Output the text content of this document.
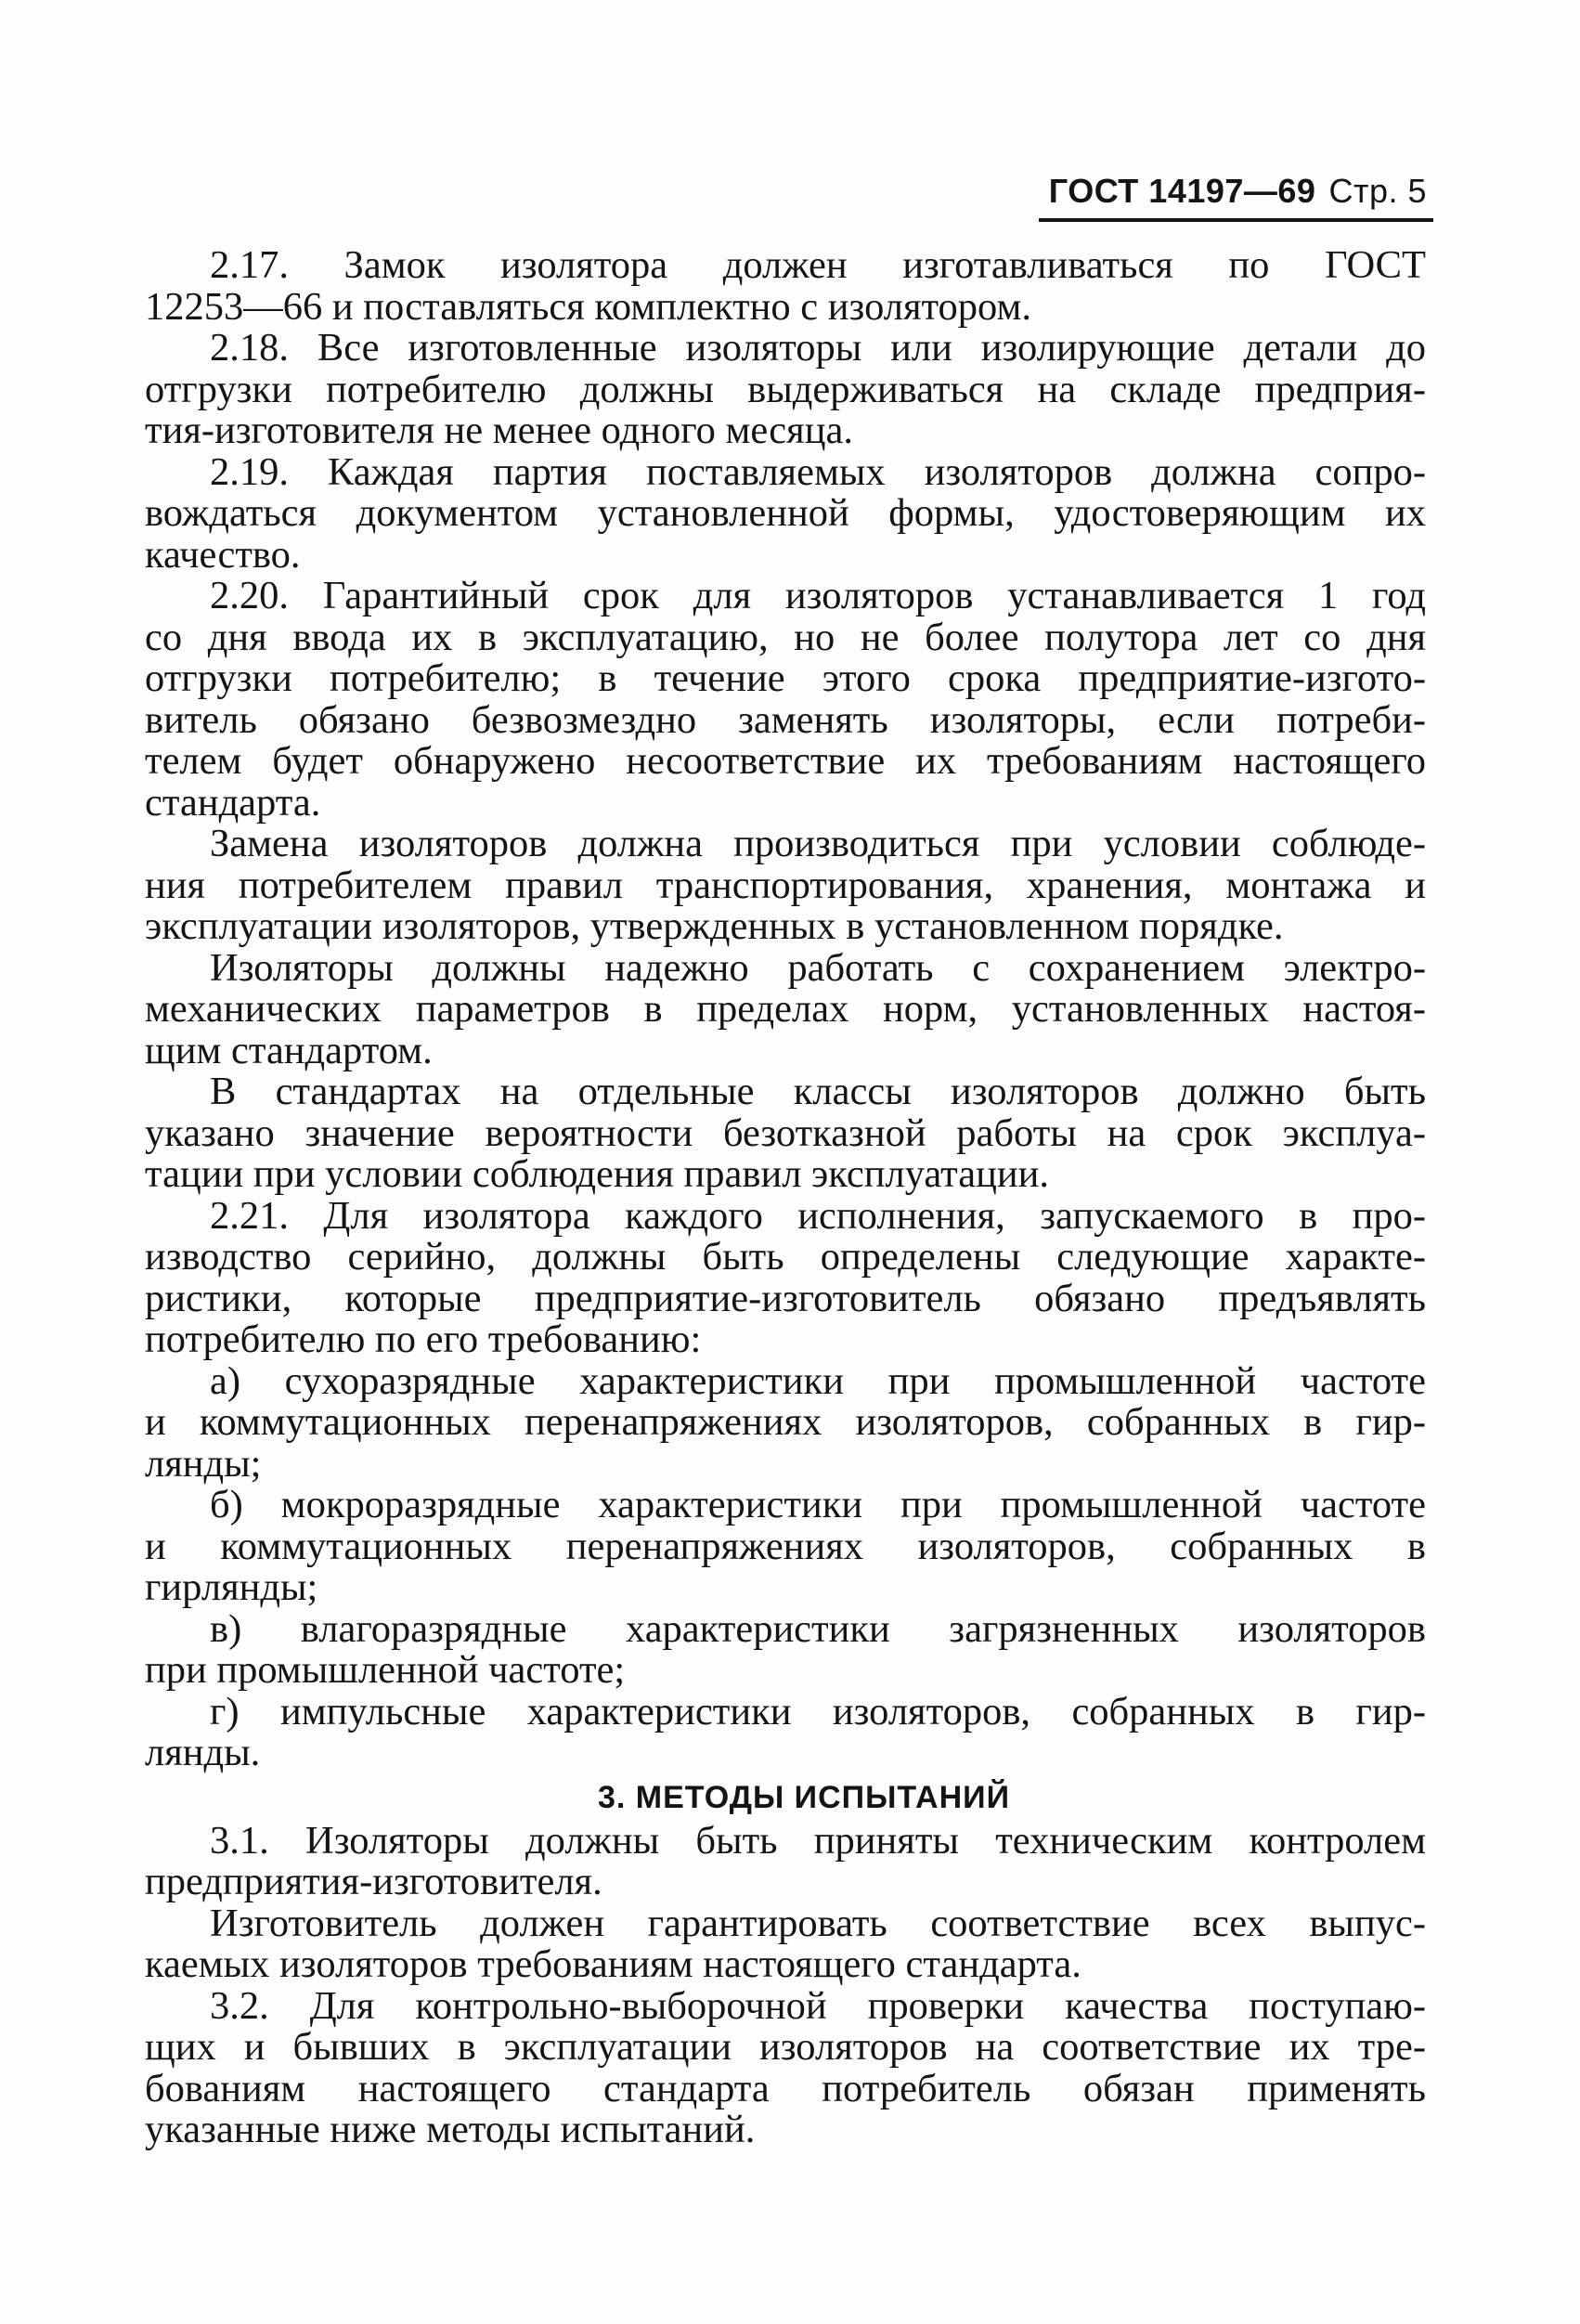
ГОСТ 14197—69 Стр. 5
2.17. Замок изолятора должен изготавливаться по ГОСТ
12253—66 и поставляться комплектно с изолятором.
2.18. Все изготовленные изоляторы или изолирующие детали до
отгрузки потребителю должны выдерживаться на складе предприя-
тия-изготовителя не менее одного месяца.
2.19. Каждая партия поставляемых изоляторов должна сопро-
вождаться документом установленной формы, удостоверяющим их
качество.
2.20. Гарантийный срок для изоляторов устанавливается 1 год
со дня ввода их в эксплуатацию, но не более полутора лет со дня
отгрузки потребителю; в течение этого срока предприятие-изгото-
витель обязано безвозмездно заменять изоляторы, если потреби-
телем будет обнаружено несоответствие их требованиям настоящего
стандарта.
Замена изоляторов должна производиться при условии соблюде-
ния потребителем правил транспортирования, хранения, монтажа и
эксплуатации изоляторов, утвержденных в установленном порядке.
Изоляторы должны надежно работать с сохранением электро-
механических параметров в пределах норм, установленных настоя-
щим стандартом.
В стандартах на отдельные классы изоляторов должно быть
указано значение вероятности безотказной работы на срок эксплуа-
тации при условии соблюдения правил эксплуатации.
2.21. Для изолятора каждого исполнения, запускаемого в про-
изводство серийно, должны быть определены следующие характе-
ристики, которые предприятие-изготовитель обязано предъявлять
потребителю по его требованию:
а) сухоразрядные характеристики при промышленной частоте
и коммутационных перенапряжениях изоляторов, собранных в гир-
лянды;
б) мокроразрядные характеристики при промышленной частоте
и коммутационных перенапряжениях изоляторов, собранных в
гирлянды;
в) влагоразрядные характеристики загрязненных изоляторов
при промышленной частоте;
г) импульсные характеристики изоляторов, собранных в гир-
лянды.
3. МЕТОДЫ ИСПЫТАНИЙ
3.1. Изоляторы должны быть приняты техническим контролем
предприятия-изготовителя.
Изготовитель должен гарантировать соответствие всех выпус-
каемых изоляторов требованиям настоящего стандарта.
3.2. Для контрольно-выборочной проверки качества поступаю-
щих и бывших в эксплуатации изоляторов на соответствие их тре-
бованиям настоящего стандарта потребитель обязан применять
указанные ниже методы испытаний.
